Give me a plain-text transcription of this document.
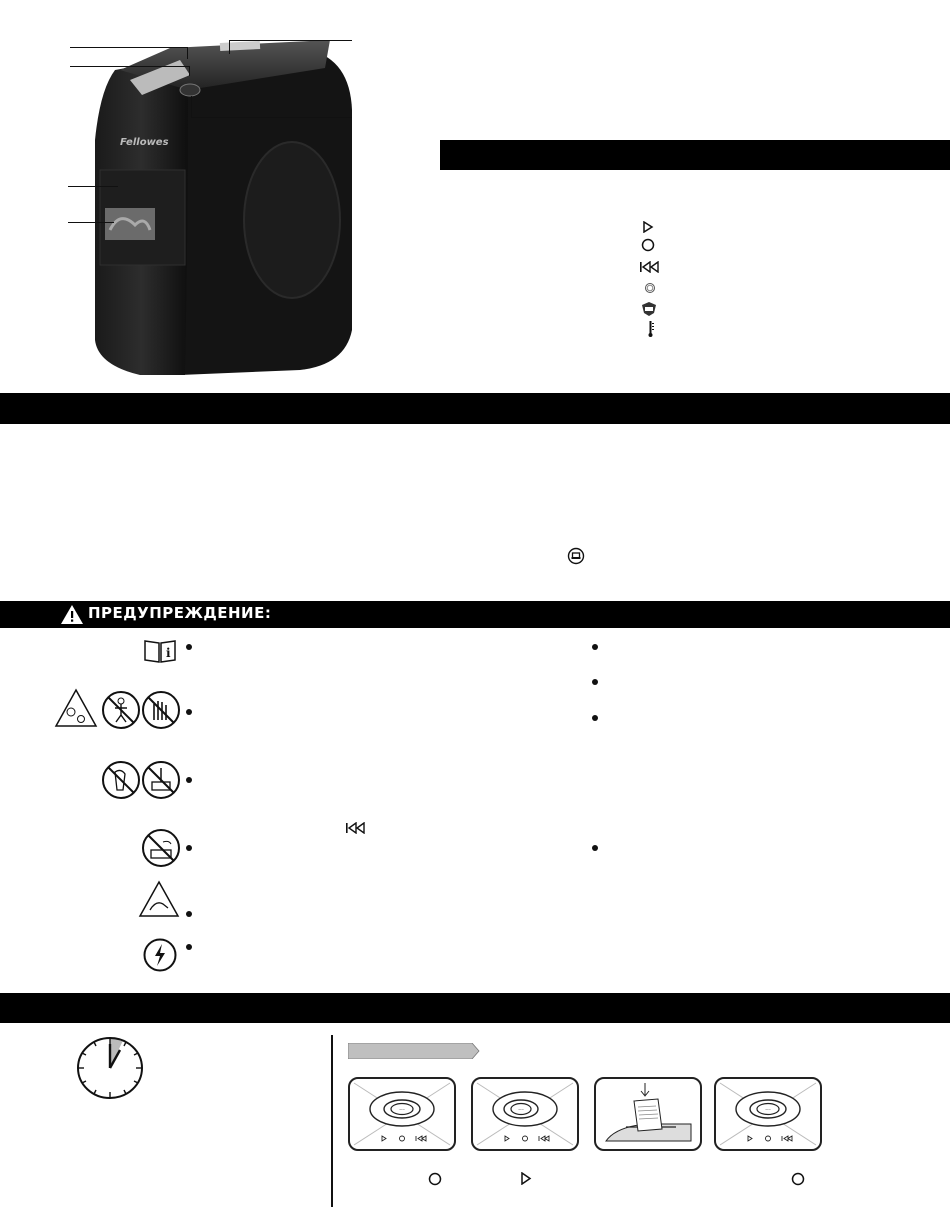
Fellowes
ПРЕДУПРЕЖДЕНИЕ:
i
···	···	···
